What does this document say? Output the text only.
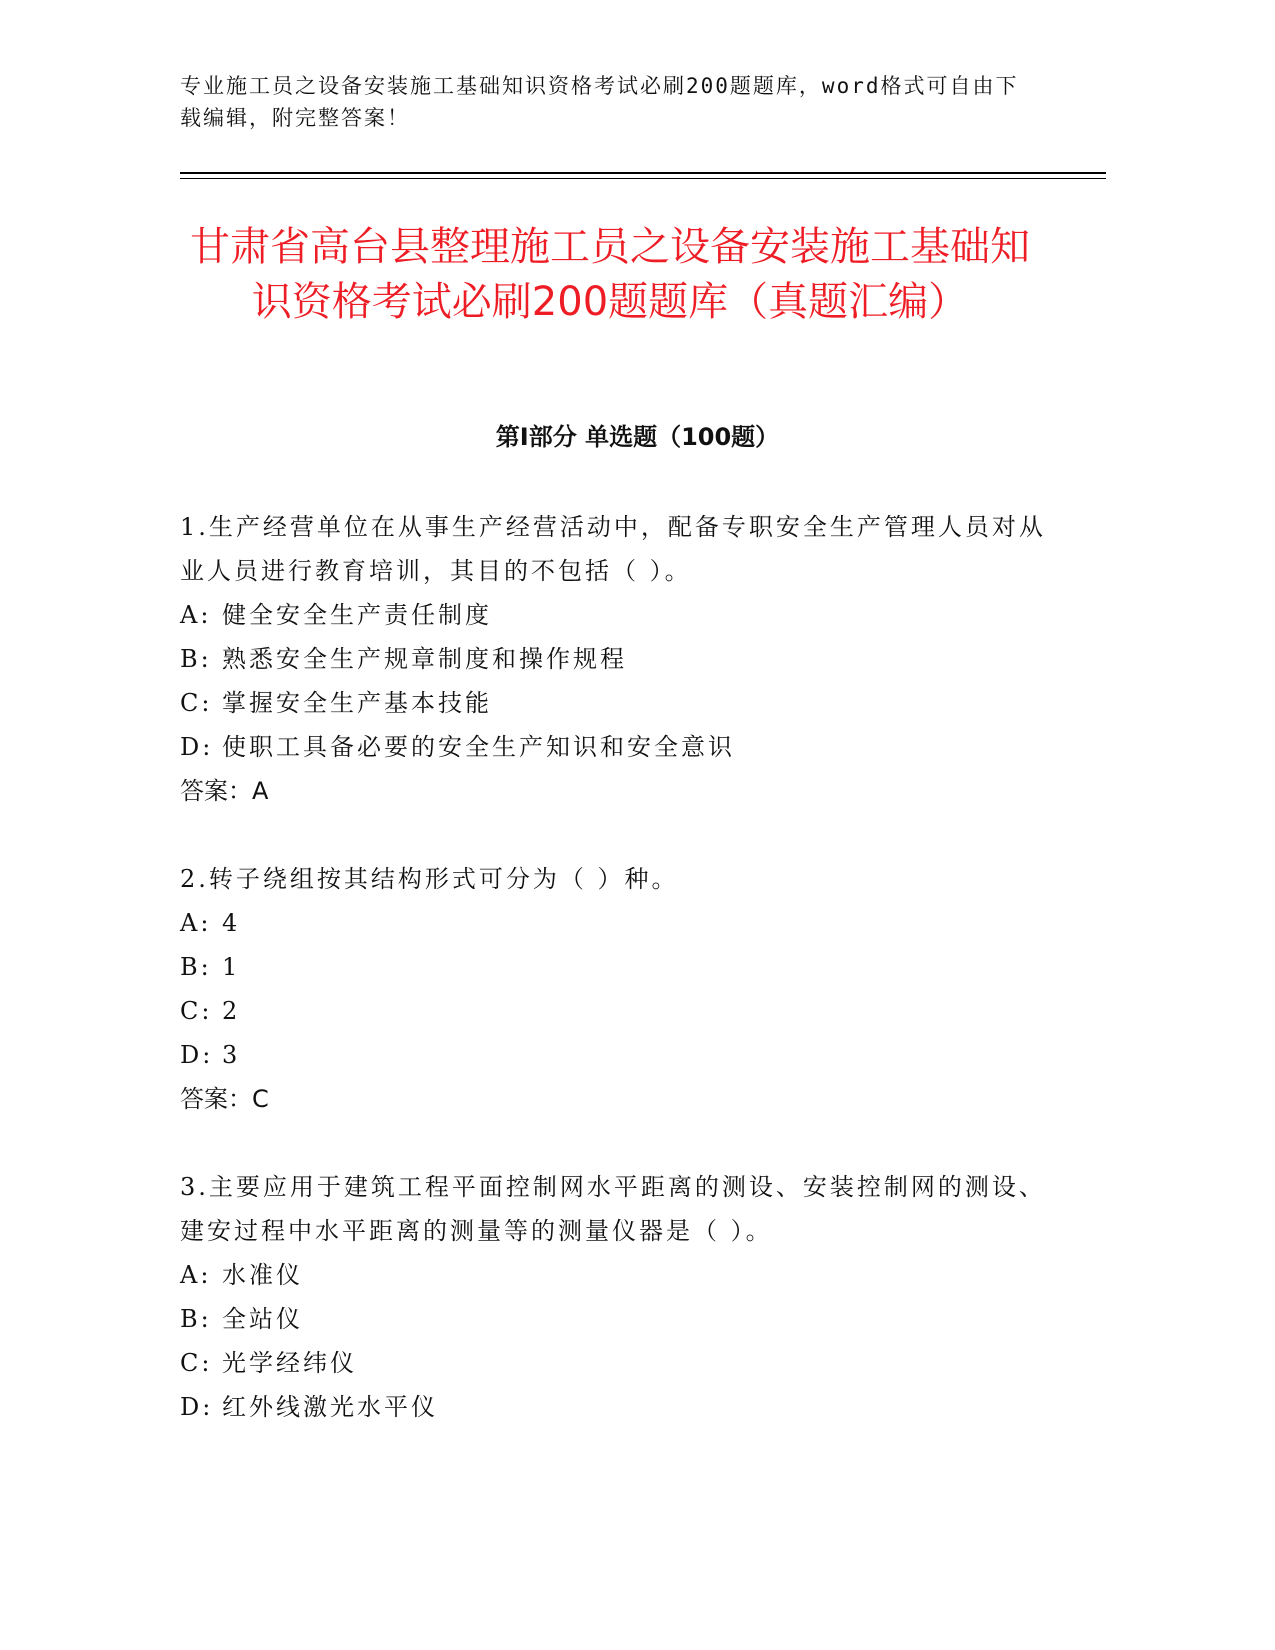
专业施工员之设备安装施工基础知识资格考试必刷200题题库，word格式可自由下载编辑，附完整答案！

甘肃省高台县整理施工员之设备安装施工基础知识资格考试必刷200题题库（真题汇编）
第I部分 单选题（100题）

1.生产经营单位在从事生产经营活动中，配备专职安全生产管理人员对从业人员进行教育培训，其目的不包括（ ）。

A: 健全安全生产责任制度

B: 熟悉安全生产规章制度和操作规程

C: 掌握安全生产基本技能

D: 使职工具备必要的安全生产知识和安全意识

答案：A

2.转子绕组按其结构形式可分为（ ）种。

A: 4

B: 1

C: 2

D: 3

答案：C

3.主要应用于建筑工程平面控制网水平距离的测设、安装控制网的测设、建安过程中水平距离的测量等的测量仪器是（ ）。

A: 水准仪

B: 全站仪

C: 光学经纬仪

D: 红外线激光水平仪
